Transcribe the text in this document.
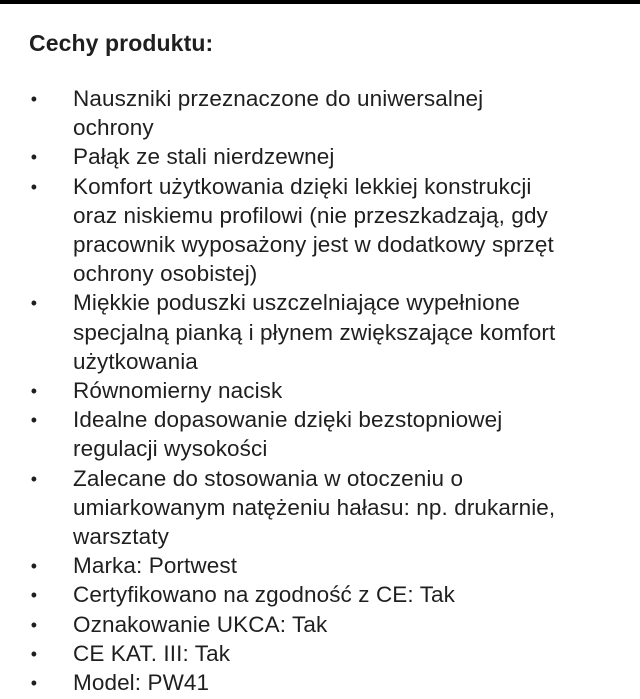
Cechy produktu:
•	Nauszniki przeznaczone do uniwersalnej
ochrony
•	Pałąk ze stali nierdzewnej
•	Komfort użytkowania dzięki lekkiej konstrukcji
oraz niskiemu profilowi (nie przeszkadzają, gdy
pracownik wyposażony jest w dodatkowy sprzęt
ochrony osobistej)
•	Miękkie poduszki uszczelniające wypełnione
specjalną pianką i płynem zwiększające komfort
użytkowania
•	Równomierny nacisk
•	Idealne dopasowanie dzięki bezstopniowej
regulacji wysokości
•	Zalecane do stosowania w otoczeniu o
umiarkowanym natężeniu hałasu: np. drukarnie,
warsztaty
•	Marka: Portwest
•	Certyfikowano na zgodność z CE: Tak
•	Oznakowanie UKCA: Tak
•	CE KAT. III: Tak
•	Model: PW41
